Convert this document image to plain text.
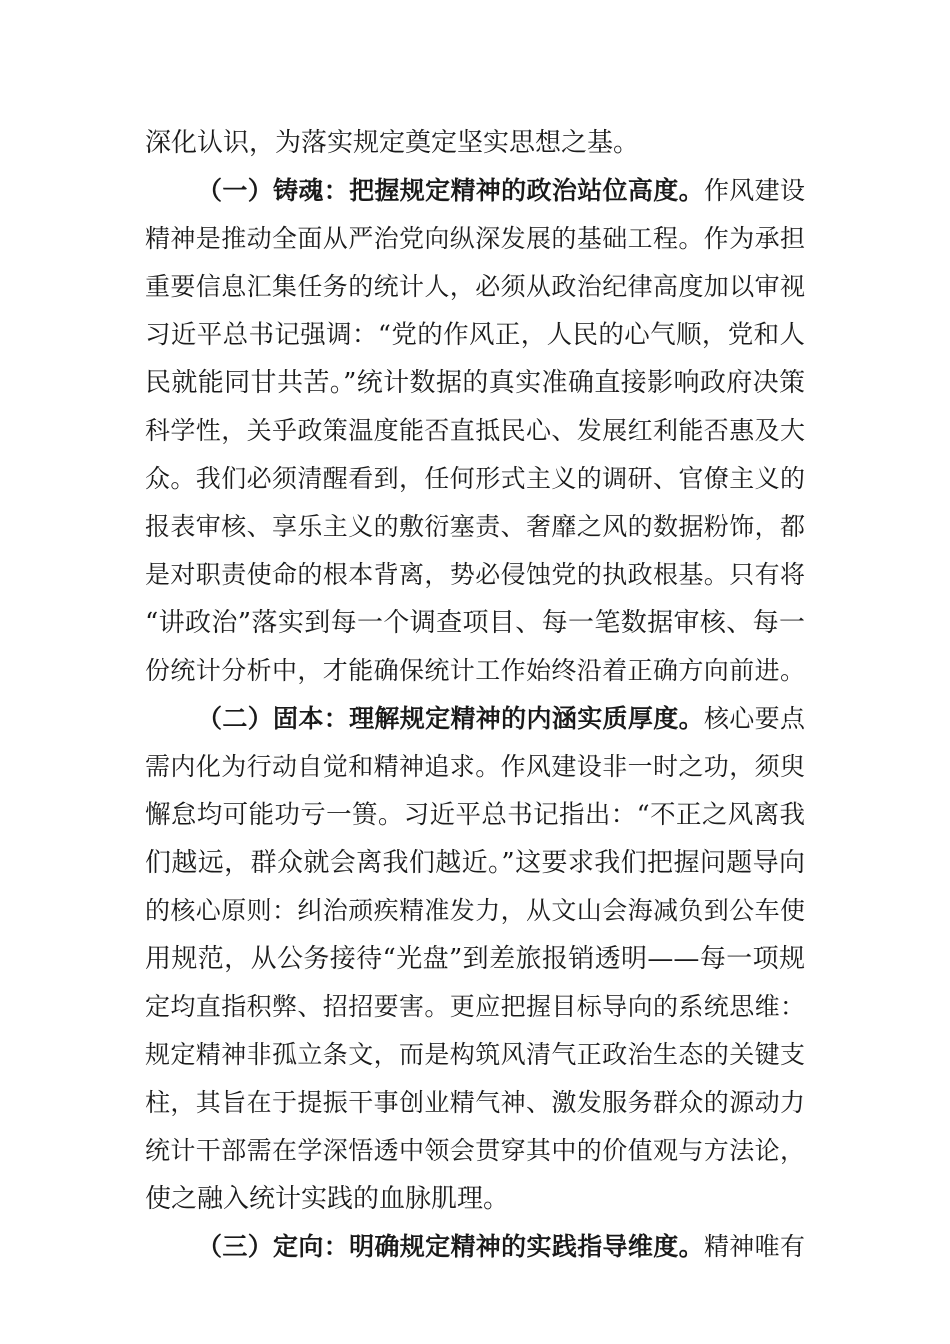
深化认识，为落实规定奠定坚实思想之基。
（一）铸魂：把握规定精神的政治站位高度。作风建设
精神是推动全面从严治党向纵深发展的基础工程。作为承担
重要信息汇集任务的统计人，必须从政治纪律高度加以审视
习近平总书记强调：“党的作风正，人民的心气顺，党和人
民就能同甘共苦。”统计数据的真实准确直接影响政府决策
科学性，关乎政策温度能否直抵民心、发展红利能否惠及大
众。我们必须清醒看到，任何形式主义的调研、官僚主义的
报表审核、享乐主义的敷衍塞责、奢靡之风的数据粉饰，都
是对职责使命的根本背离，势必侵蚀党的执政根基。只有将
“讲政治”落实到每一个调查项目、每一笔数据审核、每一
份统计分析中，才能确保统计工作始终沿着正确方向前进。
（二）固本：理解规定精神的内涵实质厚度。核心要点
需内化为行动自觉和精神追求。作风建设非一时之功，须臾
懈怠均可能功亏一篑。习近平总书记指出：“不正之风离我
们越远，群众就会离我们越近。”这要求我们把握问题导向
的核心原则：纠治顽疾精准发力，从文山会海减负到公车使
用规范，从公务接待“光盘”到差旅报销透明——每一项规
定均直指积弊、招招要害。更应把握目标导向的系统思维：
规定精神非孤立条文，而是构筑风清气正政治生态的关键支
柱，其旨在于提振干事创业精气神、激发服务群众的源动力
统计干部需在学深悟透中领会贯穿其中的价值观与方法论，
使之融入统计实践的血脉肌理。
（三）定向：明确规定精神的实践指导维度。精神唯有
